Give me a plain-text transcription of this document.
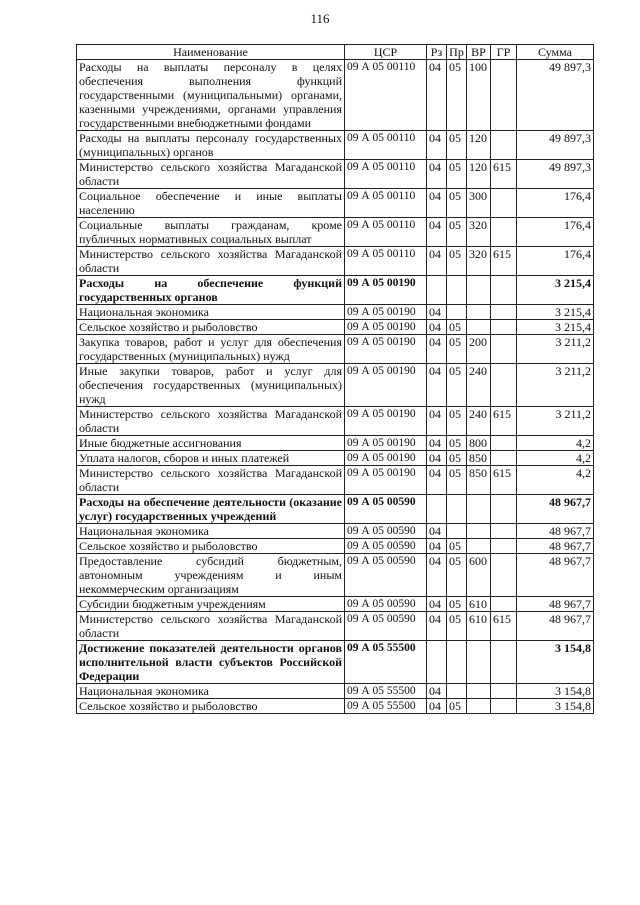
116
Наименование	ЦСР	Рз	Пр	ВР	ГР	Сумма
Расходы на выплаты персоналу в целях обеспечения выполнения функций государственными (муниципальными) органами, казенными учреждениями, органами управления государственными внебюджетными фондами	09 А 05 00110	04	05	100		49 897,3
Расходы на выплаты персоналу государственных (муниципальных) органов	09 А 05 00110	04	05	120		49 897,3
Министерство сельского хозяйства Магаданской области	09 А 05 00110	04	05	120	615	49 897,3
Социальное обеспечение и иные выплаты населению	09 А 05 00110	04	05	300		176,4
Социальные выплаты гражданам, кроме публичных нормативных социальных выплат	09 А 05 00110	04	05	320		176,4
Министерство сельского хозяйства Магаданской области	09 А 05 00110	04	05	320	615	176,4
Расходы на обеспечение функций государственных органов	09 А 05 00190					3 215,4
Национальная экономика	09 А 05 00190	04				3 215,4
Сельское хозяйство и рыболовство	09 А 05 00190	04	05			3 215,4
Закупка товаров, работ и услуг для обеспечения государственных (муниципальных) нужд	09 А 05 00190	04	05	200		3 211,2
Иные закупки товаров, работ и услуг для обеспечения государственных (муниципальных) нужд	09 А 05 00190	04	05	240		3 211,2
Министерство сельского хозяйства Магаданской области	09 А 05 00190	04	05	240	615	3 211,2
Иные бюджетные ассигнования	09 А 05 00190	04	05	800		4,2
Уплата налогов, сборов и иных платежей	09 А 05 00190	04	05	850		4,2
Министерство сельского хозяйства Магаданской области	09 А 05 00190	04	05	850	615	4,2
Расходы на обеспечение деятельности (оказание услуг) государственных учреждений	09 А 05 00590					48 967,7
Национальная экономика	09 А 05 00590	04				48 967,7
Сельское хозяйство и рыболовство	09 А 05 00590	04	05			48 967,7
Предоставление субсидий бюджетным, автономным учреждениям и иным некоммерческим организациям	09 А 05 00590	04	05	600		48 967,7
Субсидии бюджетным учреждениям	09 А 05 00590	04	05	610		48 967,7
Министерство сельского хозяйства Магаданской области	09 А 05 00590	04	05	610	615	48 967,7
Достижение показателей деятельности органов исполнительной власти субъектов Российской Федерации	09 А 05 55500					3 154,8
Национальная экономика	09 А 05 55500	04				3 154,8
Сельское хозяйство и рыболовство	09 А 05 55500	04	05			3 154,8
